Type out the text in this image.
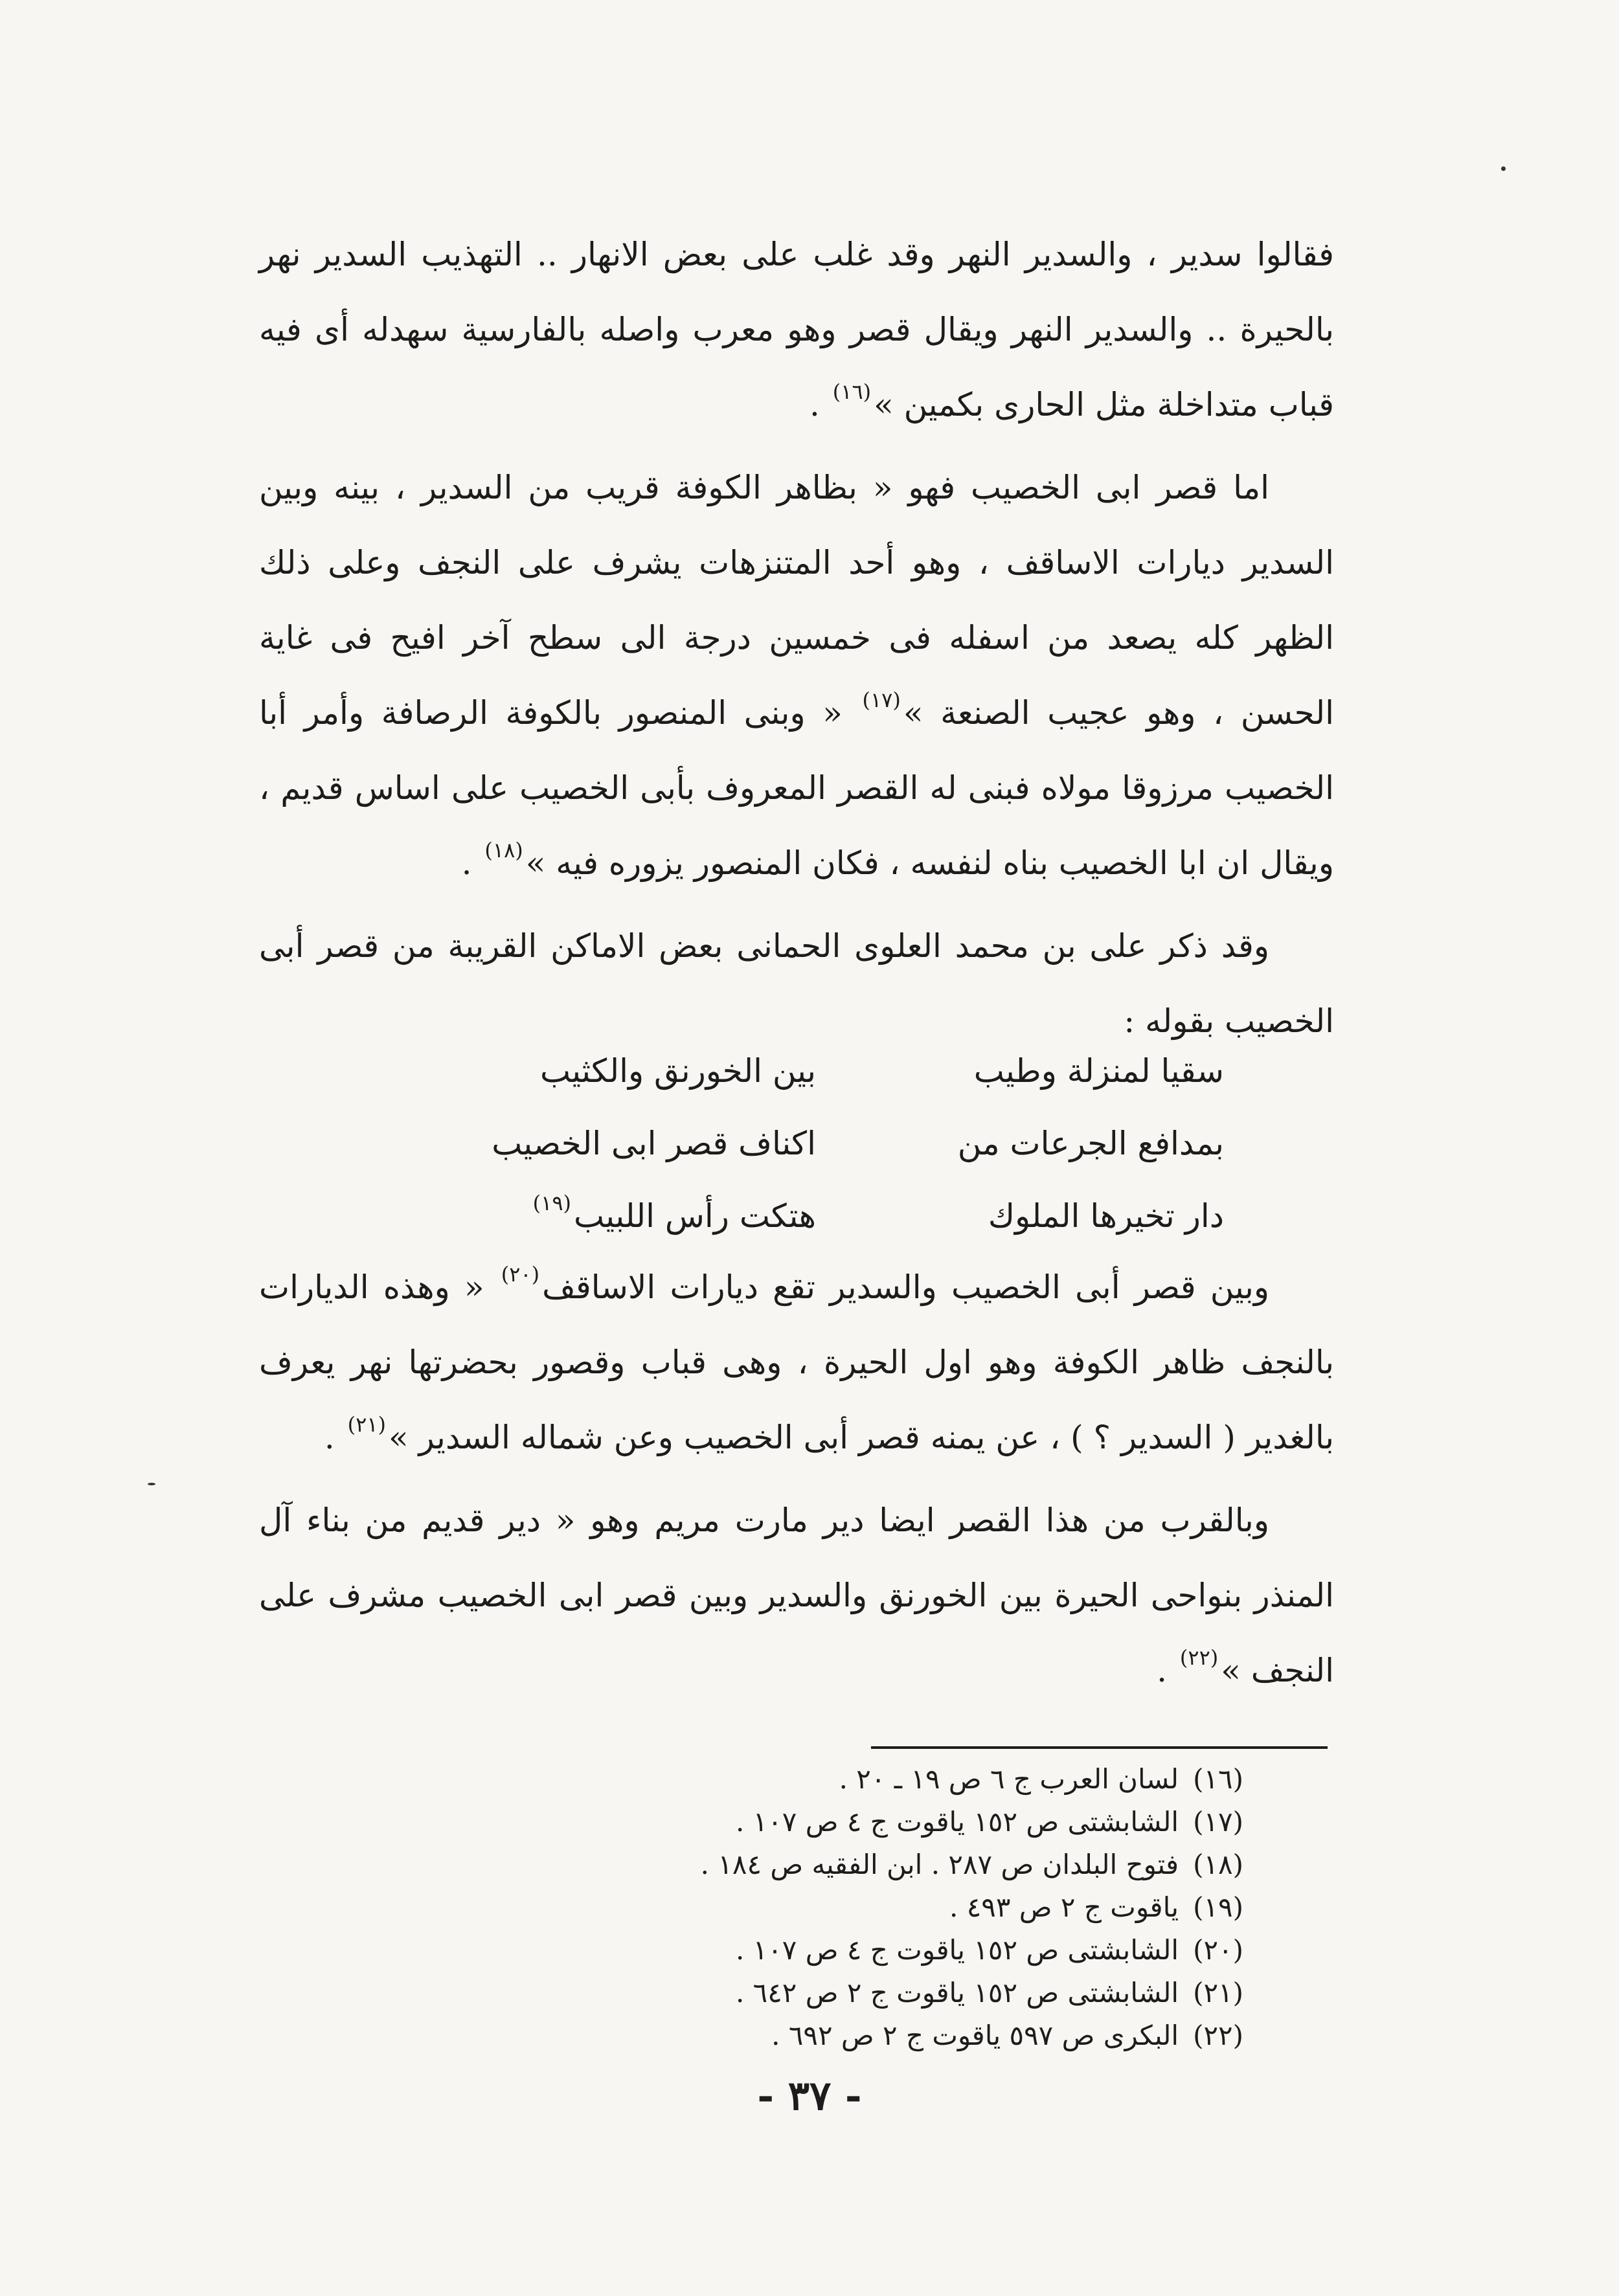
فقالوا سدير ، والسدير النهر وقد غلب على بعض الانهار .. التهذيب السدير نهر بالحيرة .. والسدير النهر ويقال قصر وهو معرب واصله بالفارسية سهدله أى فيه قباب متداخلة مثل الحارى بكمين »$^{(١٦)}$ .

اما قصر ابى الخصيب فهو « بظاهر الكوفة قريب من السدير ، بينه وبين السدير ديارات الاساقف ، وهو أحد المتنزهات يشرف على النجف وعلى ذلك الظهر كله يصعد من اسفله فى خمسين درجة الى سطح آخر افيح فى غاية الحسن ، وهو عجيب الصنعة »$^{(١٧)}$ « وبنى المنصور بالكوفة الرصافة وأمر أبا الخصيب مرزوقا مولاه فبنى له القصر المعروف بأبى الخصيب على اساس قديم ، ويقال ان ابا الخصيب بناه لنفسه ، فكان المنصور يزوره فيه »$^{(١٨)}$ .

وقد ذكر على بن محمد العلوى الحمانى بعض الاماكن القريبة من قصر أبى الخصيب بقوله :

سقيا لمنزلة وطيب
بين الخورنق والكثيب
بمدافع الجرعات من
اكناف قصر ابى الخصيب
دار تخيرها الملوك
هتكت رأس اللبيب$^{(١٩)}$

وبين قصر أبى الخصيب والسدير تقع ديارات الاساقف$^{(٢٠)}$ « وهذه الديارات بالنجف ظاهر الكوفة وهو اول الحيرة ، وهى قباب وقصور بحضرتها نهر يعرف بالغدير ( السدير ؟ ) ، عن يمنه قصر أبى الخصيب وعن شماله السدير »$^{(٢١)}$ .

وبالقرب من هذا القصر ايضا دير مارت مريم وهو « دير قديم من بناء آل المنذر بنواحى الحيرة بين الخورنق والسدير وبين قصر ابى الخصيب مشرف على النجف »$^{(٢٢)}$ .

(١٦)لسان العرب ج ٦ ص ١٩ ـ ٢٠ .
(١٧)الشابشتى ص ١٥٢ ياقوت ج ٤ ص ١٠٧ .
(١٨)فتوح البلدان ص ٢٨٧ . ابن الفقيه ص ١٨٤ .
(١٩)ياقوت ج ٢ ص ٤٩٣ .
(٢٠)الشابشتى ص ١٥٢ ياقوت ج ٤ ص ١٠٧ .
(٢١)الشابشتى ص ١٥٢ ياقوت ج ٢ ص ٦٤٢ .
(٢٢)البكرى ص ٥٩٧ ياقوت ج ٢ ص ٦٩٢ .
- ٣٧ -
